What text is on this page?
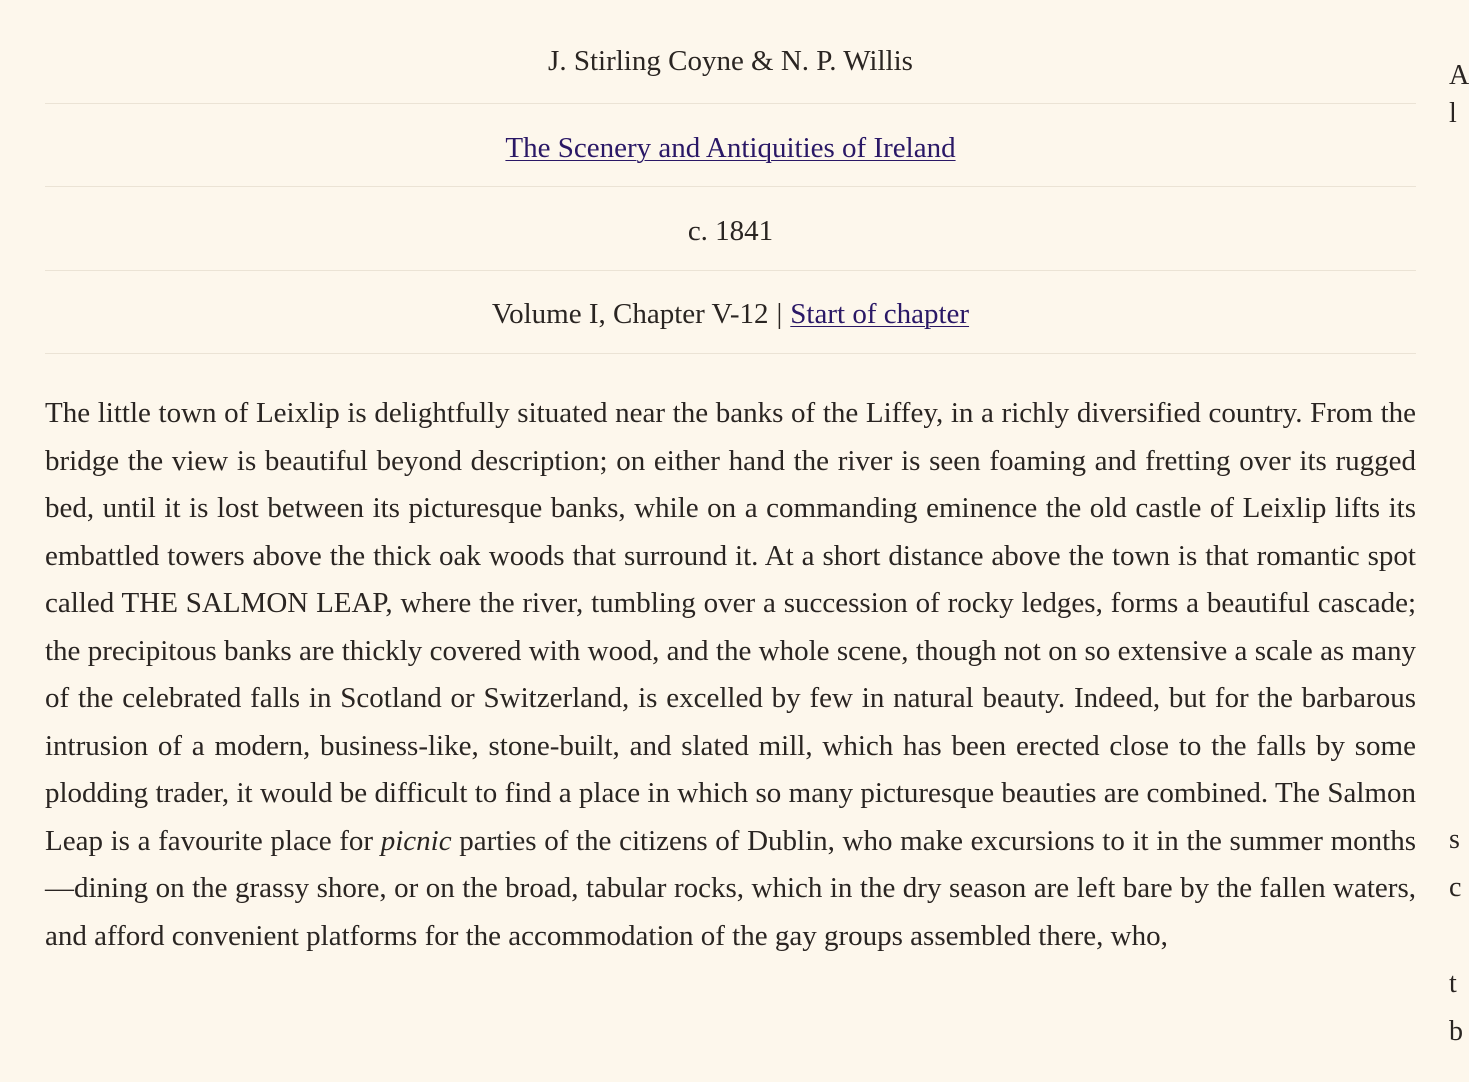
J. Stirling Coyne & N. P. Willis
The Scenery and Antiquities of Ireland
c. 1841
Volume I, Chapter V-12 | Start of chapter

The little town of Leixlip is delightfully situated near the banks of the Liffey, in a richly diversified country. From the bridge the view is beautiful beyond description; on either hand the river is seen foaming and fretting over its rugged bed, until it is lost between its picturesque banks, while on a commanding eminence the old castle of Leixlip lifts its embattled towers above the thick oak woods that surround it. At a short distance above the town is that romantic spot called THE SALMON LEAP, where the river, tumbling over a succession of rocky ledges, forms a beautiful cascade; the precipitous banks are thickly covered with wood, and the whole scene, though not on so extensive a scale as many of the celebrated falls in Scotland or Switzerland, is excelled by few in natural beauty. Indeed, but for the barbarous intrusion of a modern, business-like, stone-built, and slated mill, which has been erected close to the falls by some plodding trader, it would be difficult to find a place in which so many picturesque beauties are combined. The Salmon Leap is a favourite place for picnic parties of the citizens of Dublin, who make excursions to it in the summer months—dining on the grassy shore, or on the broad, tabular rocks, which in the dry season are left bare by the fallen waters, and afford convenient platforms for the accommodation of the gay groups assembled there, who,

A
l
s
c
t
b
